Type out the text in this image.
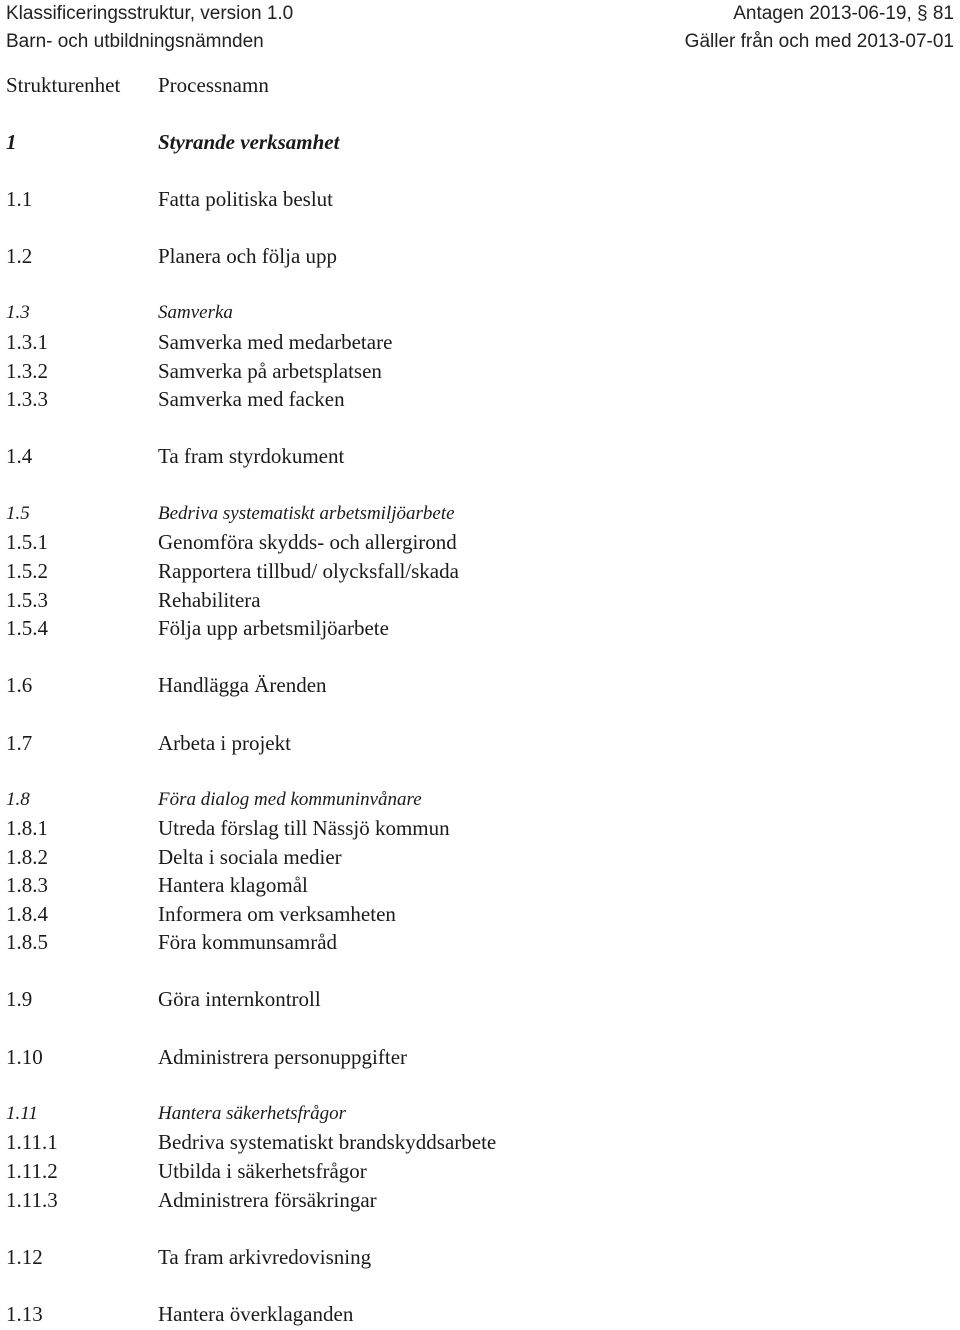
Klassificeringsstruktur, version 1.0	Antagen 2013-06-19, § 81
Barn- och utbildningsnämnden	Gäller från och med 2013-07-01
Strukturenhet	Processnamn
1	Styrande verksamhet
1.1	Fatta politiska beslut
1.2	Planera och följa upp
1.3	Samverka
1.3.1	Samverka med medarbetare
1.3.2	Samverka på arbetsplatsen
1.3.3	Samverka med facken
1.4	Ta fram styrdokument
1.5	Bedriva systematiskt arbetsmiljöarbete
1.5.1	Genomföra skydds- och allergirond
1.5.2	Rapportera tillbud/ olycksfall/skada
1.5.3	Rehabilitera
1.5.4	Följa upp arbetsmiljöarbete
1.6	Handlägga Ärenden
1.7	Arbeta i projekt
1.8	Föra dialog med kommuninvånare
1.8.1	Utreda förslag till Nässjö kommun
1.8.2	Delta i sociala medier
1.8.3	Hantera klagomål
1.8.4	Informera om verksamheten
1.8.5	Föra kommunsamråd
1.9	Göra internkontroll
1.10	Administrera personuppgifter
1.11	Hantera säkerhetsfrågor
1.11.1	Bedriva systematiskt brandskyddsarbete
1.11.2	Utbilda i säkerhetsfrågor
1.11.3	Administrera försäkringar
1.12	Ta fram arkivredovisning
1.13	Hantera överklaganden
